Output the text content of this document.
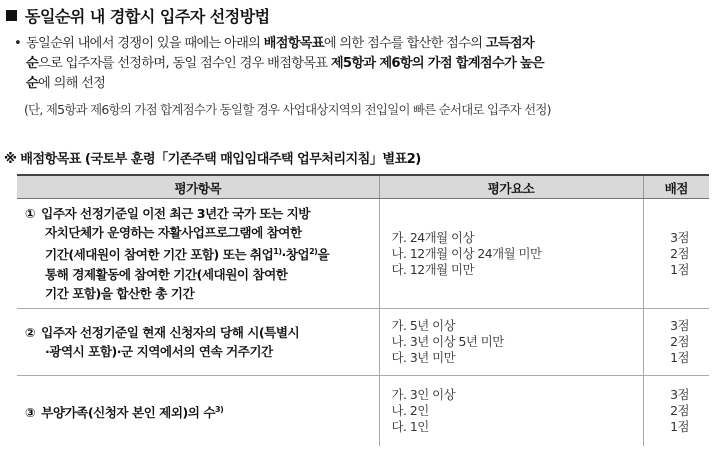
동일순위 내 경합시 입주자 선정방법
• 동일순위 내에서 경쟁이 있을 때에는 아래의 배점항목표에 의한 점수를 합산한 점수의 고득점자
순으로 입주자를 선정하며, 동일 점수인 경우 배점항목표 제5항과 제6항의 가점 합계점수가 높은
순에 의해 선정
(단, 제5항과 제6항의 가점 합계점수가 동일할 경우 사업대상지역의 전입일이 빠른 순서대로 입주자 선정)
※ 배점항목표 (국토부 훈령「기존주택 매입임대주택 업무처리지침」별표2)
평가항목	평가요소	배점

① 입주자 선정기준일 이전 최근 3년간 국가 또는 지방
자치단체가 운영하는 자활사업프로그램에 참여한
기간(세대원이 참여한 기간 포함) 또는 취업$^{1)}$·창업$^{2)}$을
통해 경제활동에 참여한 기간(세대원이 참여한
기간 포함)을 합산한 총 기간	가. 24개월 이상
나. 12개월 이상 24개월 미만
다. 12개월 미만	3점
2점
1점

② 입주자 선정기준일 현재 신청자의 당해 시(특별시
·광역시 포함)·군 지역에서의 연속 거주기간	가. 5년 이상
나. 3년 이상 5년 미만
다. 3년 미만	3점
2점
1점

③ 부양가족(신청자 본인 제외)의 수$^{3)}$	가. 3인 이상
나. 2인
다. 1인	3점
2점
1점
